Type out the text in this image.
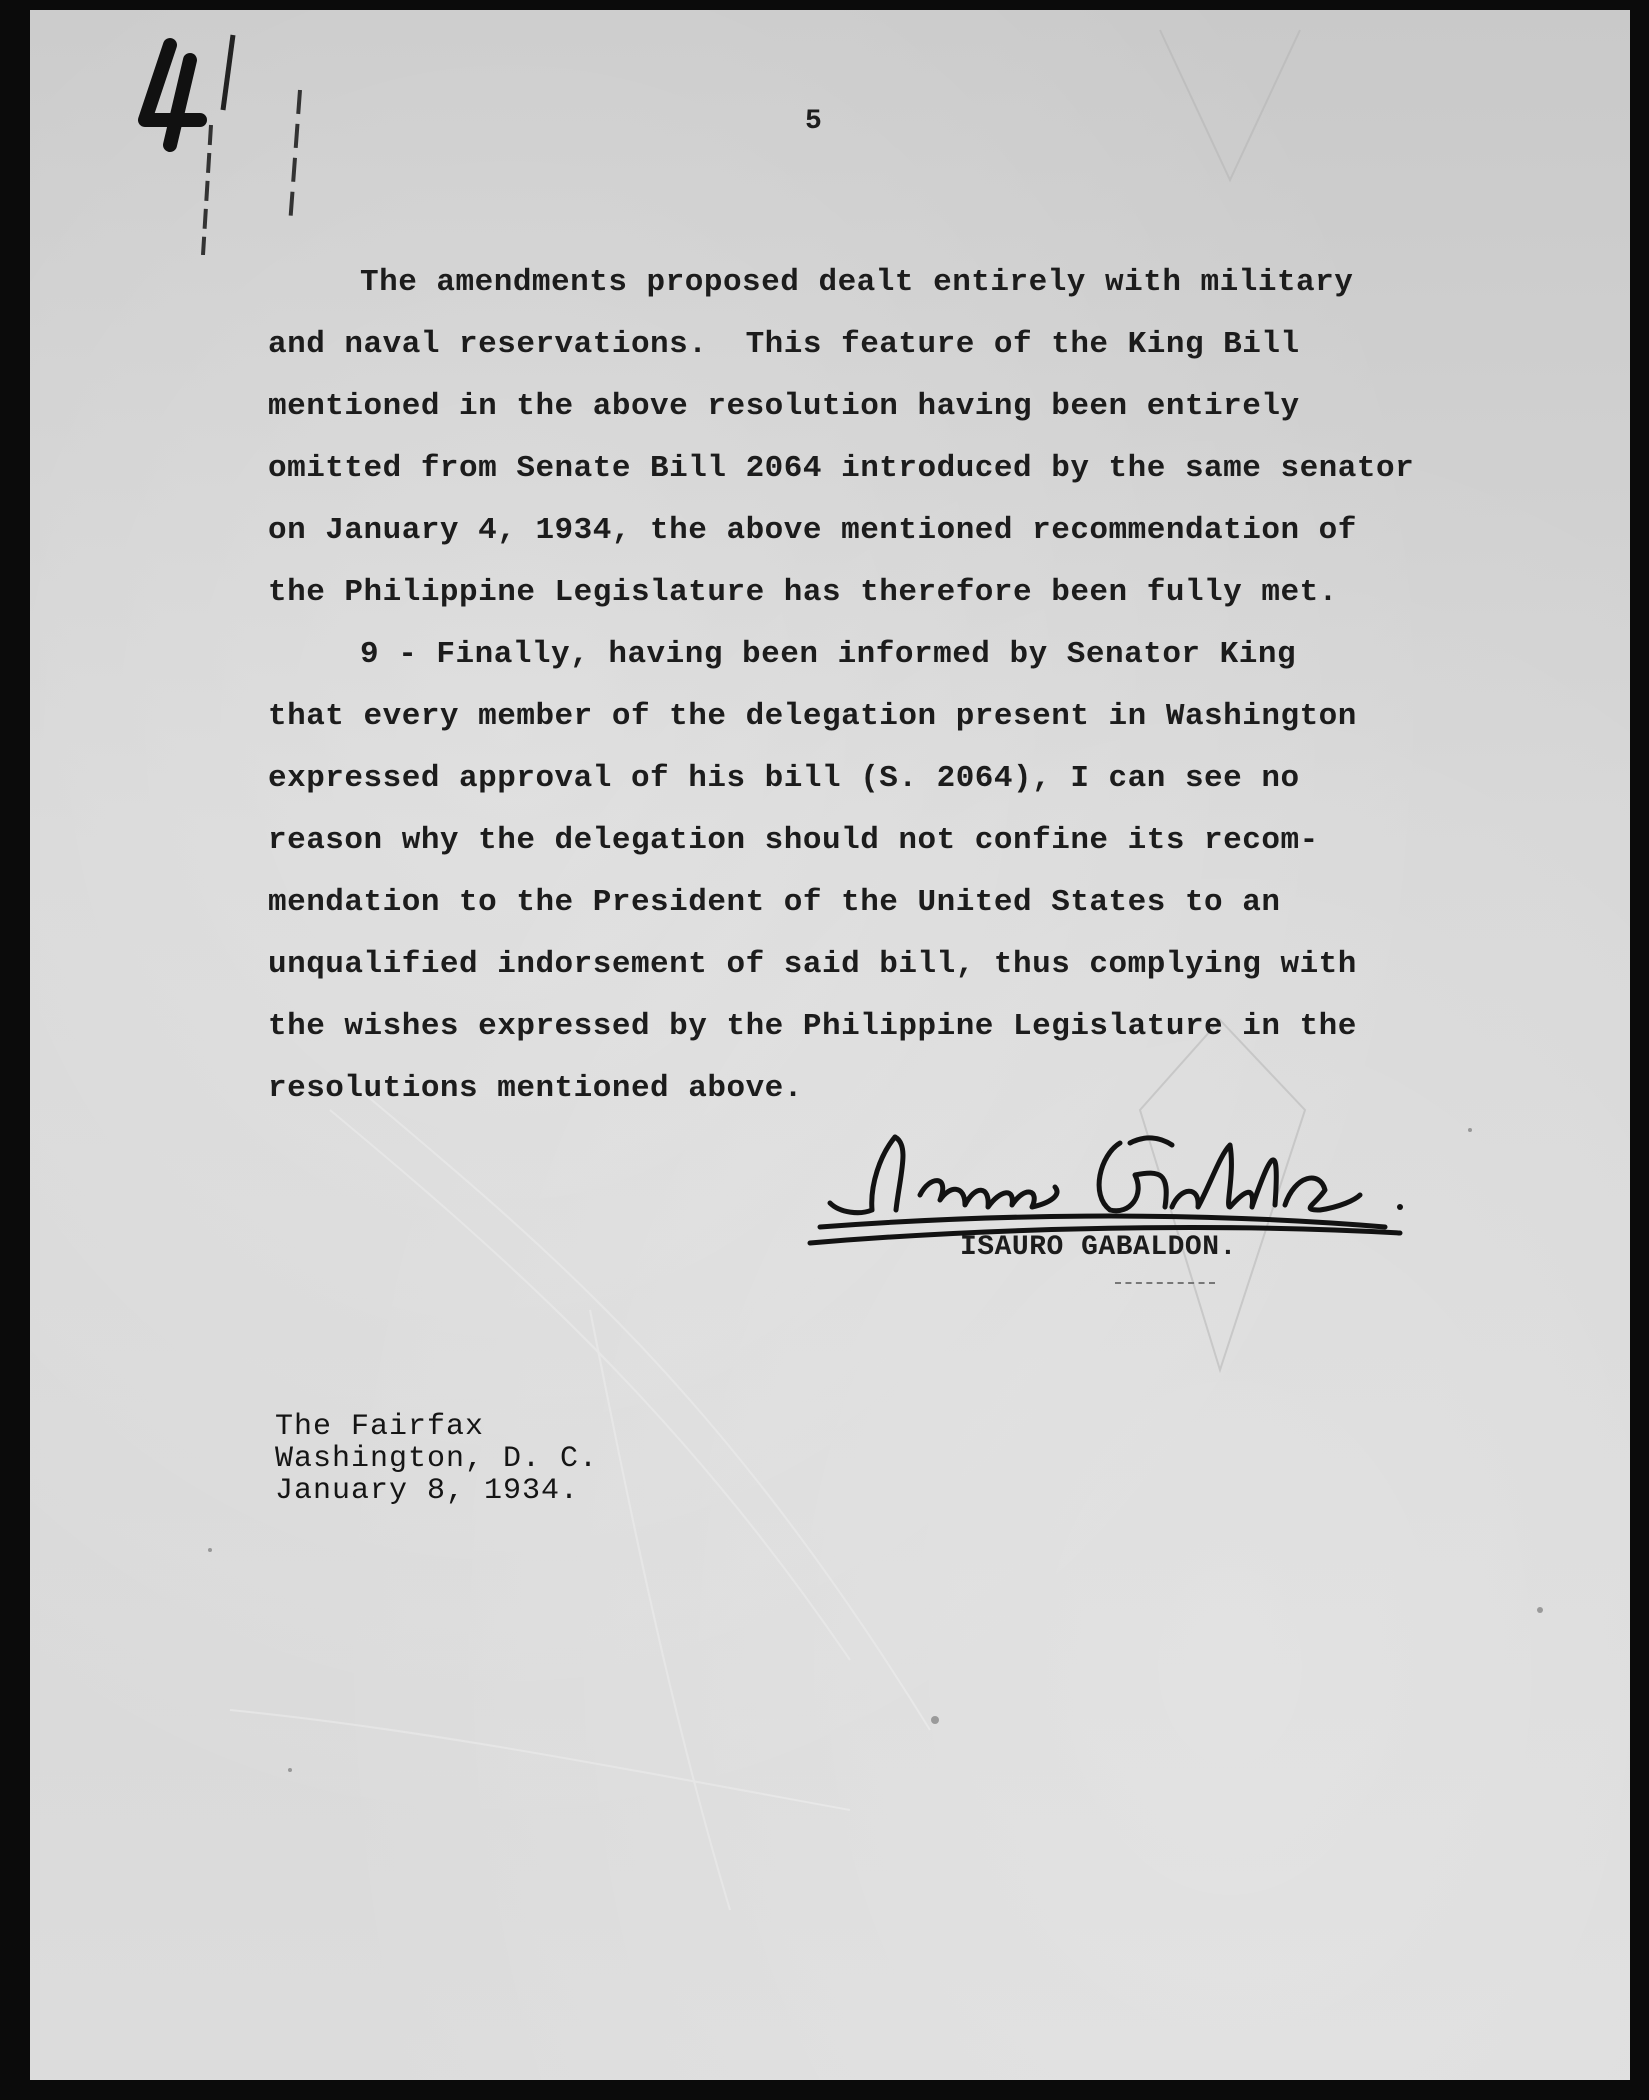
5

The amendments proposed dealt entirely with military

and naval reservations.  This feature of the King Bill

mentioned in the above resolution having been entirely

omitted from Senate Bill 2064 introduced by the same senator

on January 4, 1934, the above mentioned recommendation of

the Philippine Legislature has therefore been fully met.

9 - Finally, having been informed by Senator King

that every member of the delegation present in Washington

expressed approval of his bill (S. 2064), I can see no

reason why the delegation should not confine its recom-

mendation to the President of the United States to an

unqualified indorsement of said bill, thus complying with

the wishes expressed by the Philippine Legislature in the

resolutions mentioned above.

ISAURO GABALDON.

The Fairfax

Washington, D. C.

January 8, 1934.
